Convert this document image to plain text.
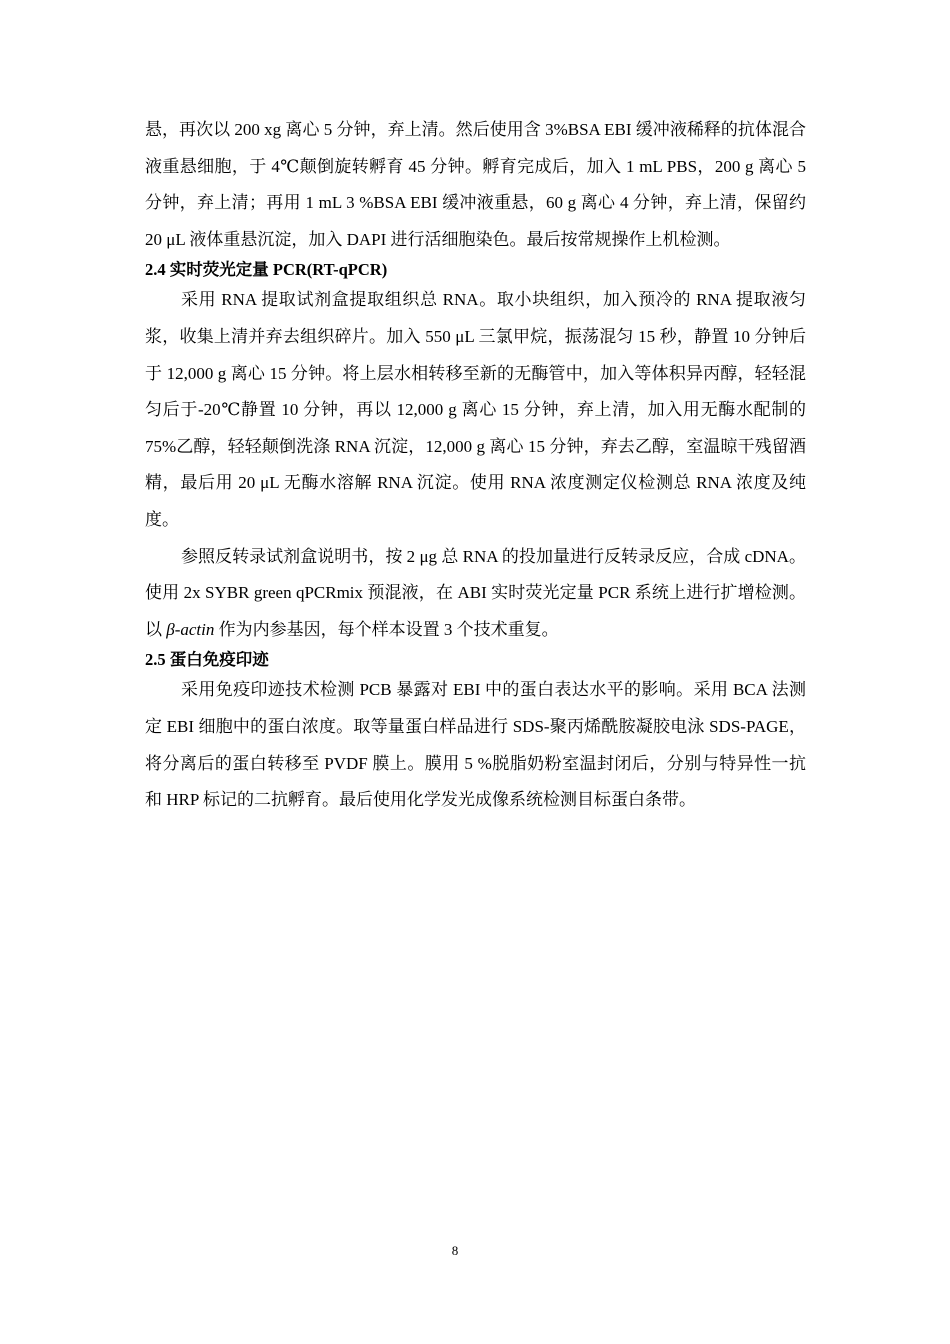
悬，再次以 200 xg 离心 5 分钟，弃上清。然后使用含 3%BSA EBI 缓冲液稀释的抗体混合液重悬细胞，于 4℃颠倒旋转孵育 45 分钟。孵育完成后，加入 1 mL PBS，200 g 离心 5 分钟，弃上清；再用 1 mL 3 %BSA EBI 缓冲液重悬，60 g 离心 4 分钟，弃上清，保留约 20 μL 液体重悬沉淀，加入 DAPI 进行活细胞染色。最后按常规操作上机检测。

2.4 实时荧光定量 PCR(RT-qPCR)

采用 RNA 提取试剂盒提取组织总 RNA。取小块组织，加入预冷的 RNA 提取液匀浆，收集上清并弃去组织碎片。加入 550 μL 三氯甲烷，振荡混匀 15 秒，静置 10 分钟后于 12,000 g 离心 15 分钟。将上层水相转移至新的无酶管中，加入等体积异丙醇，轻轻混匀后于-20℃静置 10 分钟，再以 12,000 g 离心 15 分钟，弃上清，加入用无酶水配制的 75%乙醇，轻轻颠倒洗涤 RNA 沉淀，12,000 g 离心 15 分钟，弃去乙醇，室温晾干残留酒精，最后用 20 μL 无酶水溶解 RNA 沉淀。使用 RNA 浓度测定仪检测总 RNA 浓度及纯度。

参照反转录试剂盒说明书，按 2 μg 总 RNA 的投加量进行反转录反应，合成 cDNA。使用 2x SYBR green qPCRmix 预混液，在 ABI 实时荧光定量 PCR 系统上进行扩增检测。以 β-actin 作为内参基因，每个样本设置 3 个技术重复。

2.5 蛋白免疫印迹

采用免疫印迹技术检测 PCB 暴露对 EBI 中的蛋白表达水平的影响。采用 BCA 法测定 EBI 细胞中的蛋白浓度。取等量蛋白样品进行 SDS-聚丙烯酰胺凝胶电泳 SDS-PAGE，将分离后的蛋白转移至 PVDF 膜上。膜用 5 %脱脂奶粉室温封闭后，分别与特异性一抗和 HRP 标记的二抗孵育。最后使用化学发光成像系统检测目标蛋白条带。

8
